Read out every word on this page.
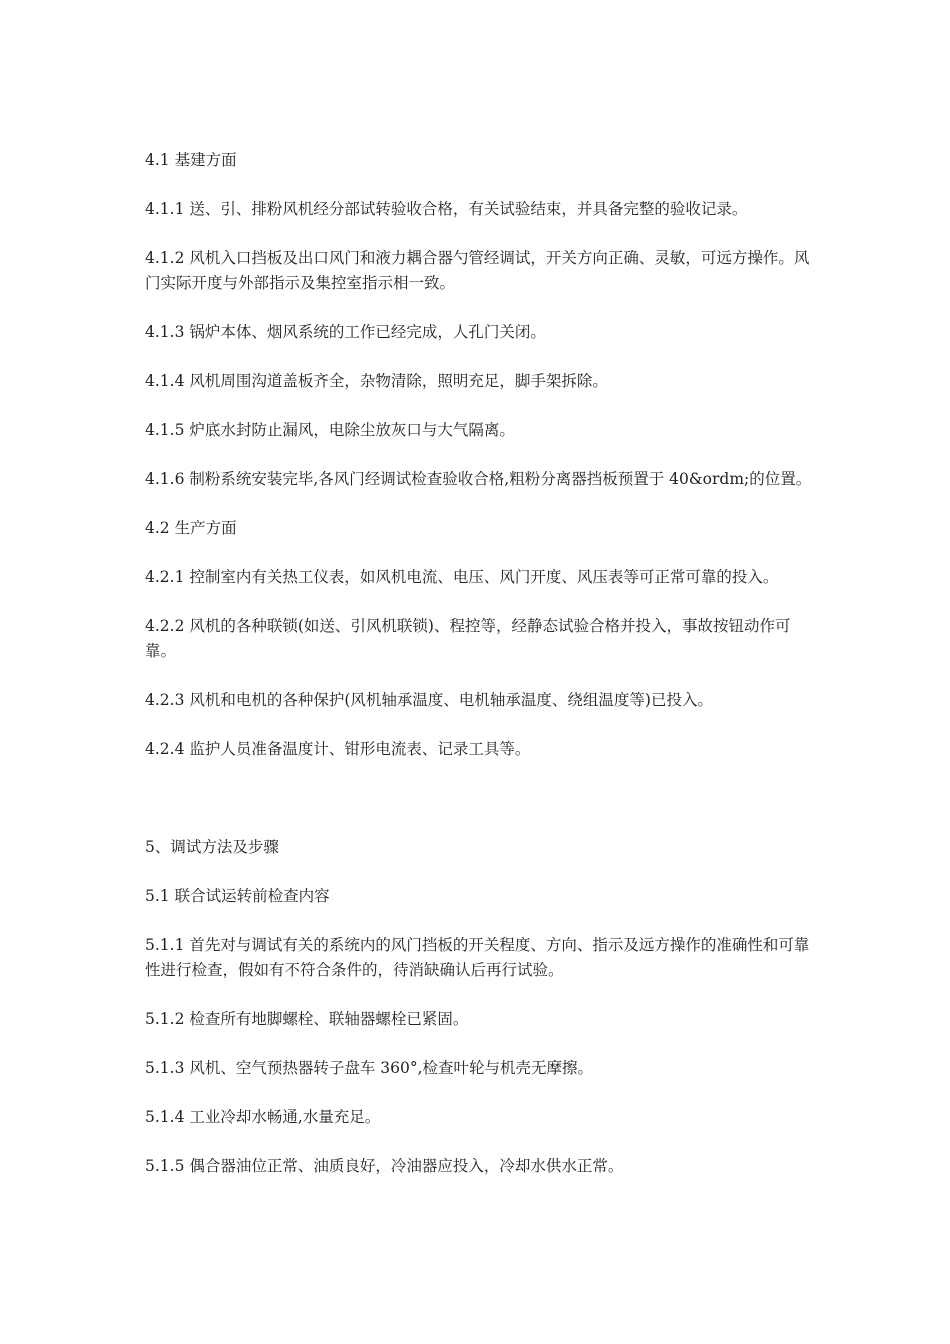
4.1 基建方面

4.1.1 送、引、排粉风机经分部试转验收合格，有关试验结束，并具备完整的验收记录。

4.1.2 风机入口挡板及出口风门和液力耦合器勺管经调试，开关方向正确、灵敏，可远方操作。风门实际开度与外部指示及集控室指示相一致。

4.1.3 锅炉本体、烟风系统的工作已经完成，人孔门关闭。

4.1.4 风机周围沟道盖板齐全，杂物清除，照明充足，脚手架拆除。

4.1.5 炉底水封防止漏风，电除尘放灰口与大气隔离。

4.1.6 制粉系统安装完毕,各风门经调试检查验收合格,粗粉分离器挡板预置于 40&ordm;的位置。

4.2 生产方面

4.2.1 控制室内有关热工仪表，如风机电流、电压、风门开度、风压表等可正常可靠的投入。

4.2.2 风机的各种联锁(如送、引风机联锁)、程控等，经静态试验合格并投入，事故按钮动作可靠。

4.2.3 风机和电机的各种保护(风机轴承温度、电机轴承温度、绕组温度等)已投入。

4.2.4 监护人员准备温度计、钳形电流表、记录工具等。

5、调试方法及步骤

5.1 联合试运转前检查内容

5.1.1 首先对与调试有关的系统内的风门挡板的开关程度、方向、指示及远方操作的准确性和可靠性进行检查，假如有不符合条件的，待消缺确认后再行试验。

5.1.2 检查所有地脚螺栓、联轴器螺栓已紧固。

5.1.3 风机、空气预热器转子盘车 360°,检查叶轮与机壳无摩擦。

5.1.4 工业冷却水畅通,水量充足。

5.1.5 偶合器油位正常、油质良好，冷油器应投入，冷却水供水正常。
